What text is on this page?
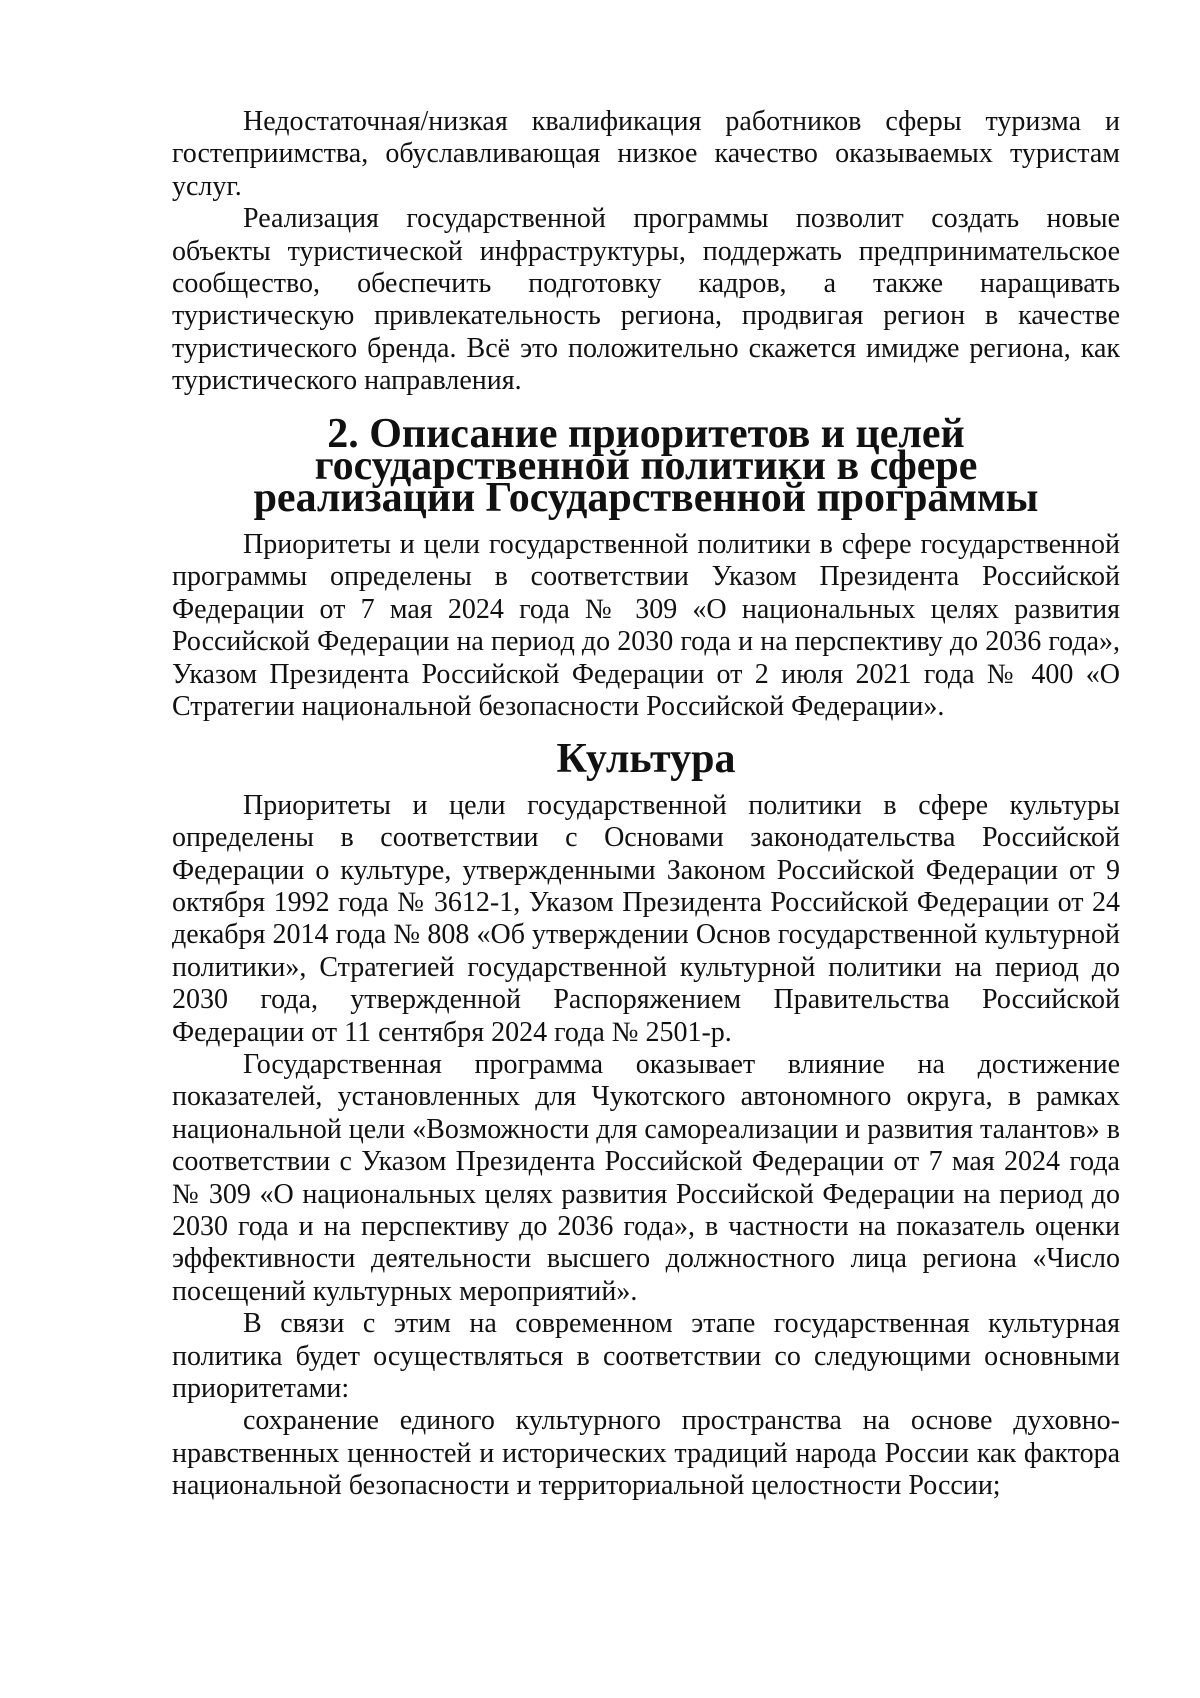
Недостаточная/низкая квалификация работников сферы туризма и гостеприимства, обуславливающая низкое качество оказываемых туристам услуг.

Реализация государственной программы позволит создать новые объекты туристической инфраструктуры, поддержать предпринимательское сообщество, обеспечить подготовку кадров, а также наращивать туристическую привлекательность региона, продвигая регион в качестве туристического бренда. Всё это положительно скажется имидже региона, как туристического направления.

2. Описание приоритетов и целей государственной политики в сфере
реализации Государственной программы

Приоритеты и цели государственной политики в сфере государственной программы определены в соответствии Указом Президента Российской Федерации от 7 мая 2024 года № 309 «О национальных целях развития Российской Федерации на период до 2030 года и на перспективу до 2036 года», Указом Президента Российской Федерации от 2 июля 2021 года № 400 «О Стратегии национальной безопасности Российской Федерации».

Культура

Приоритеты и цели государственной политики в сфере культуры определены в соответствии с Основами законодательства Российской Федерации о культуре, утвержденными Законом Российской Федерации от 9 октября 1992 года № 3612-1, Указом Президента Российской Федерации от 24 декабря 2014 года № 808 «Об утверждении Основ государственной культурной политики», Стратегией государственной культурной политики на период до 2030 года, утвержденной Распоряжением Правительства Российской Федерации от 11 сентября 2024 года № 2501-р.

Государственная программа оказывает влияние на достижение показателей, установленных для Чукотского автономного округа, в рамках национальной цели «Возможности для самореализации и развития талантов» в соответствии с Указом Президента Российской Федерации от 7 мая 2024 года № 309 «О национальных целях развития Российской Федерации на период до 2030 года и на перспективу до 2036 года», в частности на показатель оценки эффективности деятельности высшего должностного лица региона «Число посещений культурных мероприятий».

В связи с этим на современном этапе государственная культурная политика будет осуществляться в соответствии со следующими основными приоритетами:

сохранение единого культурного пространства на основе духовно-нравственных ценностей и исторических традиций народа России как фактора национальной безопасности и территориальной целостности России;
